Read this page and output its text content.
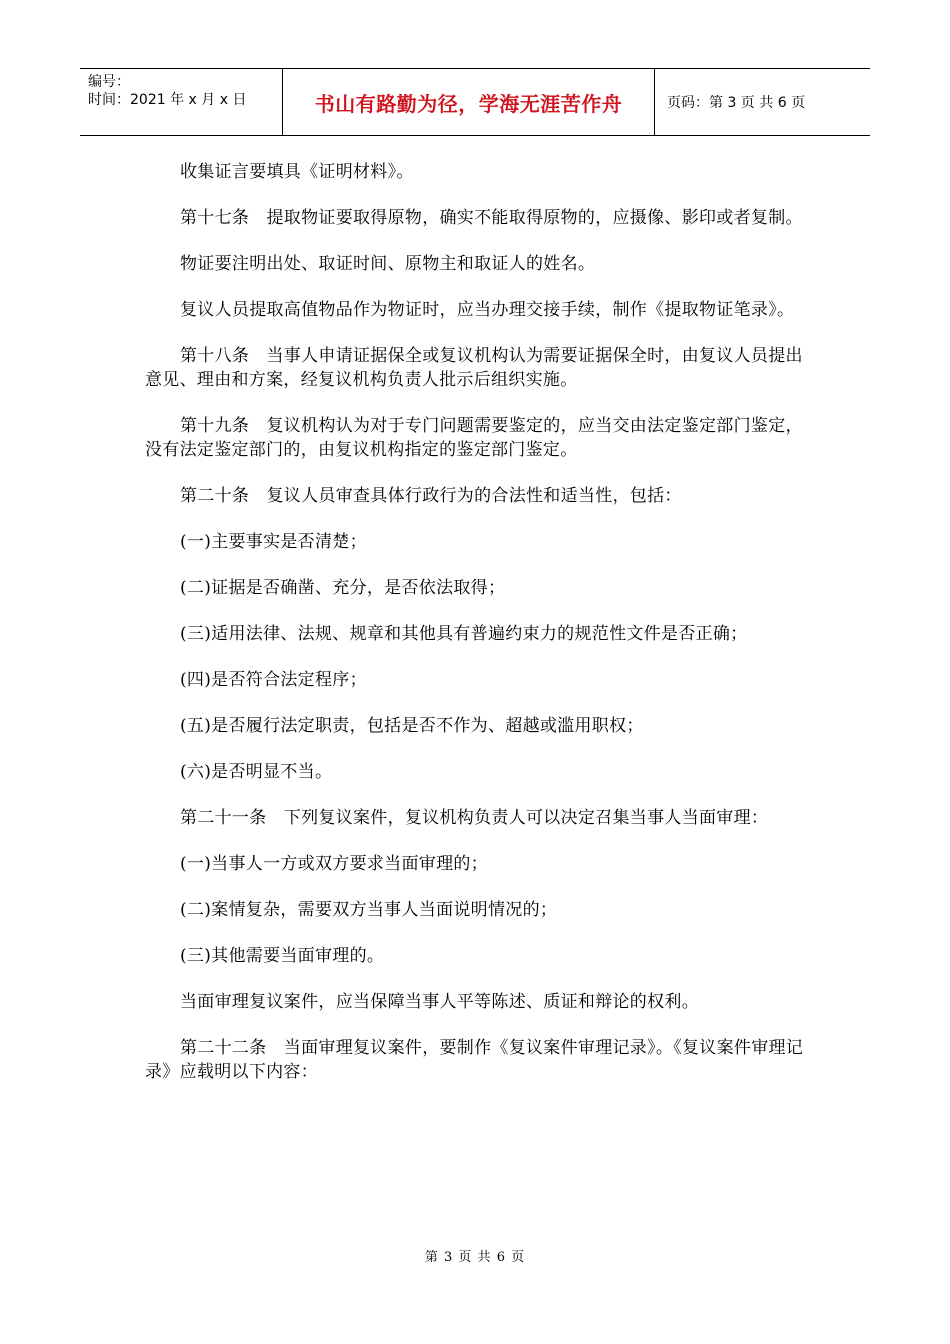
编号：
时间：2021 年 x 月 x 日	书山有路勤为径，学海无涯苦作舟	页码：第 3 页 共 6 页

收集证言要填具《证明材料》。

第十七条　提取物证要取得原物，确实不能取得原物的，应摄像、影印或者复制。

物证要注明出处、取证时间、原物主和取证人的姓名。

复议人员提取高值物品作为物证时，应当办理交接手续，制作《提取物证笔录》。

第十八条　当事人申请证据保全或复议机构认为需要证据保全时，由复议人员提出意见、理由和方案，经复议机构负责人批示后组织实施。

第十九条　复议机构认为对于专门问题需要鉴定的，应当交由法定鉴定部门鉴定，没有法定鉴定部门的，由复议机构指定的鉴定部门鉴定。

第二十条　复议人员审查具体行政行为的合法性和适当性，包括：

(一)主要事实是否清楚；

(二)证据是否确凿、充分，是否依法取得；

(三)适用法律、法规、规章和其他具有普遍约束力的规范性文件是否正确；

(四)是否符合法定程序；

(五)是否履行法定职责，包括是否不作为、超越或滥用职权；

(六)是否明显不当。

第二十一条　下列复议案件，复议机构负责人可以决定召集当事人当面审理：

(一)当事人一方或双方要求当面审理的；

(二)案情复杂，需要双方当事人当面说明情况的；

(三)其他需要当面审理的。

当面审理复议案件，应当保障当事人平等陈述、质证和辩论的权利。

第二十二条　当面审理复议案件，要制作《复议案件审理记录》。《复议案件审理记录》应载明以下内容：

第 3 页 共 6 页
